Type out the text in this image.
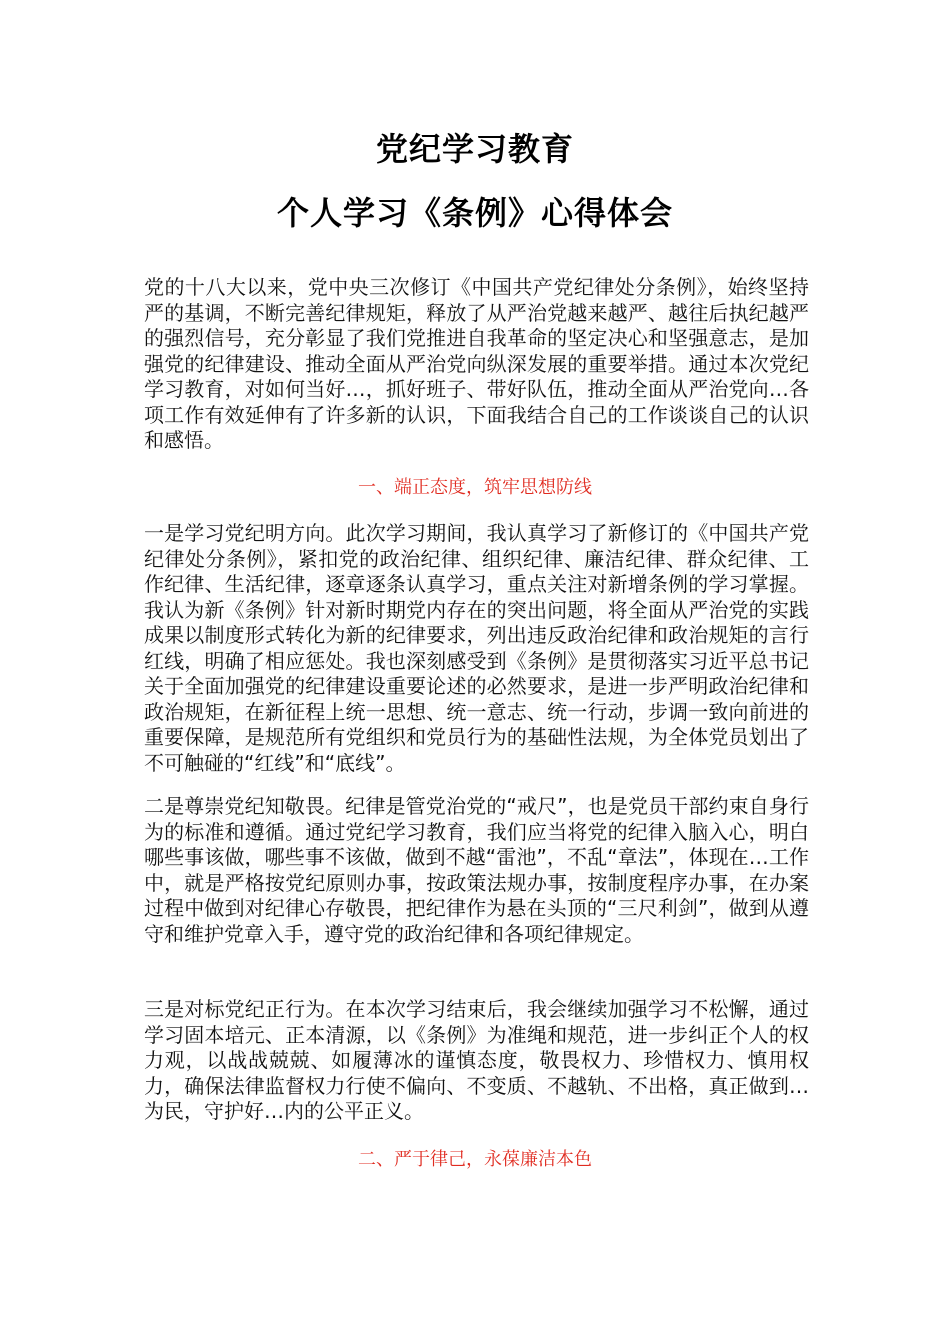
党纪学习教育
个人学习《条例》心得体会

党的十八大以来，党中央三次修订《中国共产党纪律处分条例》，始终坚持严的基调，不断完善纪律规矩，释放了从严治党越来越严、越往后执纪越严的强烈信号，充分彰显了我们党推进自我革命的坚定决心和坚强意志，是加强党的纪律建设、推动全面从严治党向纵深发展的重要举措。通过本次党纪学习教育，对如何当好…，抓好班子、带好队伍，推动全面从严治党向…各项工作有效延伸有了许多新的认识，下面我结合自己的工作谈谈自己的认识和感悟。

一、端正态度，筑牢思想防线

一是学习党纪明方向。此次学习期间，我认真学习了新修订的《中国共产党纪律处分条例》，紧扣党的政治纪律、组织纪律、廉洁纪律、群众纪律、工作纪律、生活纪律，逐章逐条认真学习，重点关注对新增条例的学习掌握。我认为新《条例》针对新时期党内存在的突出问题，将全面从严治党的实践成果以制度形式转化为新的纪律要求，列出违反政治纪律和政治规矩的言行红线，明确了相应惩处。我也深刻感受到《条例》是贯彻落实习近平总书记关于全面加强党的纪律建设重要论述的必然要求，是进一步严明政治纪律和政治规矩，在新征程上统一思想、统一意志、统一行动，步调一致向前进的重要保障，是规范所有党组织和党员行为的基础性法规，为全体党员划出了不可触碰的“红线”和“底线”。

二是尊崇党纪知敬畏。纪律是管党治党的“戒尺”，也是党员干部约束自身行为的标准和遵循。通过党纪学习教育，我们应当将党的纪律入脑入心，明白哪些事该做，哪些事不该做，做到不越“雷池”，不乱“章法”，体现在…工作中，就是严格按党纪原则办事，按政策法规办事，按制度程序办事，在办案过程中做到对纪律心存敬畏，把纪律作为悬在头顶的“三尺利剑”，做到从遵守和维护党章入手，遵守党的政治纪律和各项纪律规定。

三是对标党纪正行为。在本次学习结束后，我会继续加强学习不松懈，通过学习固本培元、正本清源，以《条例》为准绳和规范，进一步纠正个人的权力观，以战战兢兢、如履薄冰的谨慎态度，敬畏权力、珍惜权力、慎用权力，确保法律监督权力行使不偏向、不变质、不越轨、不出格，真正做到…为民，守护好…内的公平正义。

二、严于律己，永葆廉洁本色
